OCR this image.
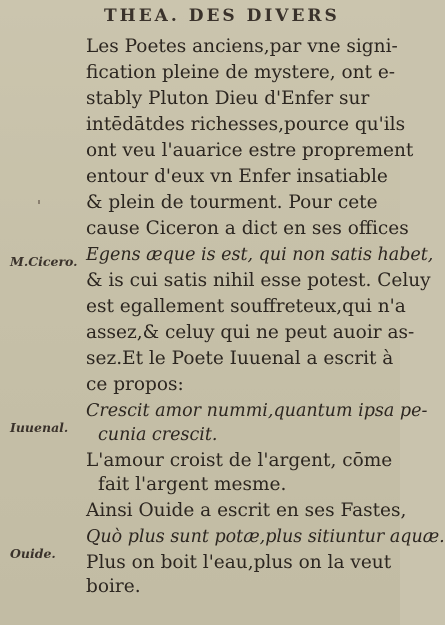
THEA. DES DIVERS
Les Poetes anciens,par vne signi-
fication pleine de mystere, ont e-
stably Pluton Dieu d'Enfer sur
intēdātdes richesses,pource qu'ils
ont veu l'auarice estre proprement
entour d'eux vn Enfer insatiable
& plein de tourment. Pour cete
cause Ciceron a dict en ses offices
Egens æque is est, qui non satis habet,
& is cui satis nihil esse potest. Celuy
est egallement souffreteux,qui n'a
assez,& celuy qui ne peut auoir as-
sez.Et le Poete Iuuenal a escrit à
ce propos:
Crescit amor nummi,quantum ipsa pe-
cunia crescit.
L'amour croist de l'argent, cōme
fait l'argent mesme.
Ainsi Ouide a escrit en ses Fastes,
Quò plus sunt potæ,plus sitiuntur aquæ.
Plus on boit l'eau,plus on la veut
boire.
M.Cicero.
Iuuenal.
Ouide.
